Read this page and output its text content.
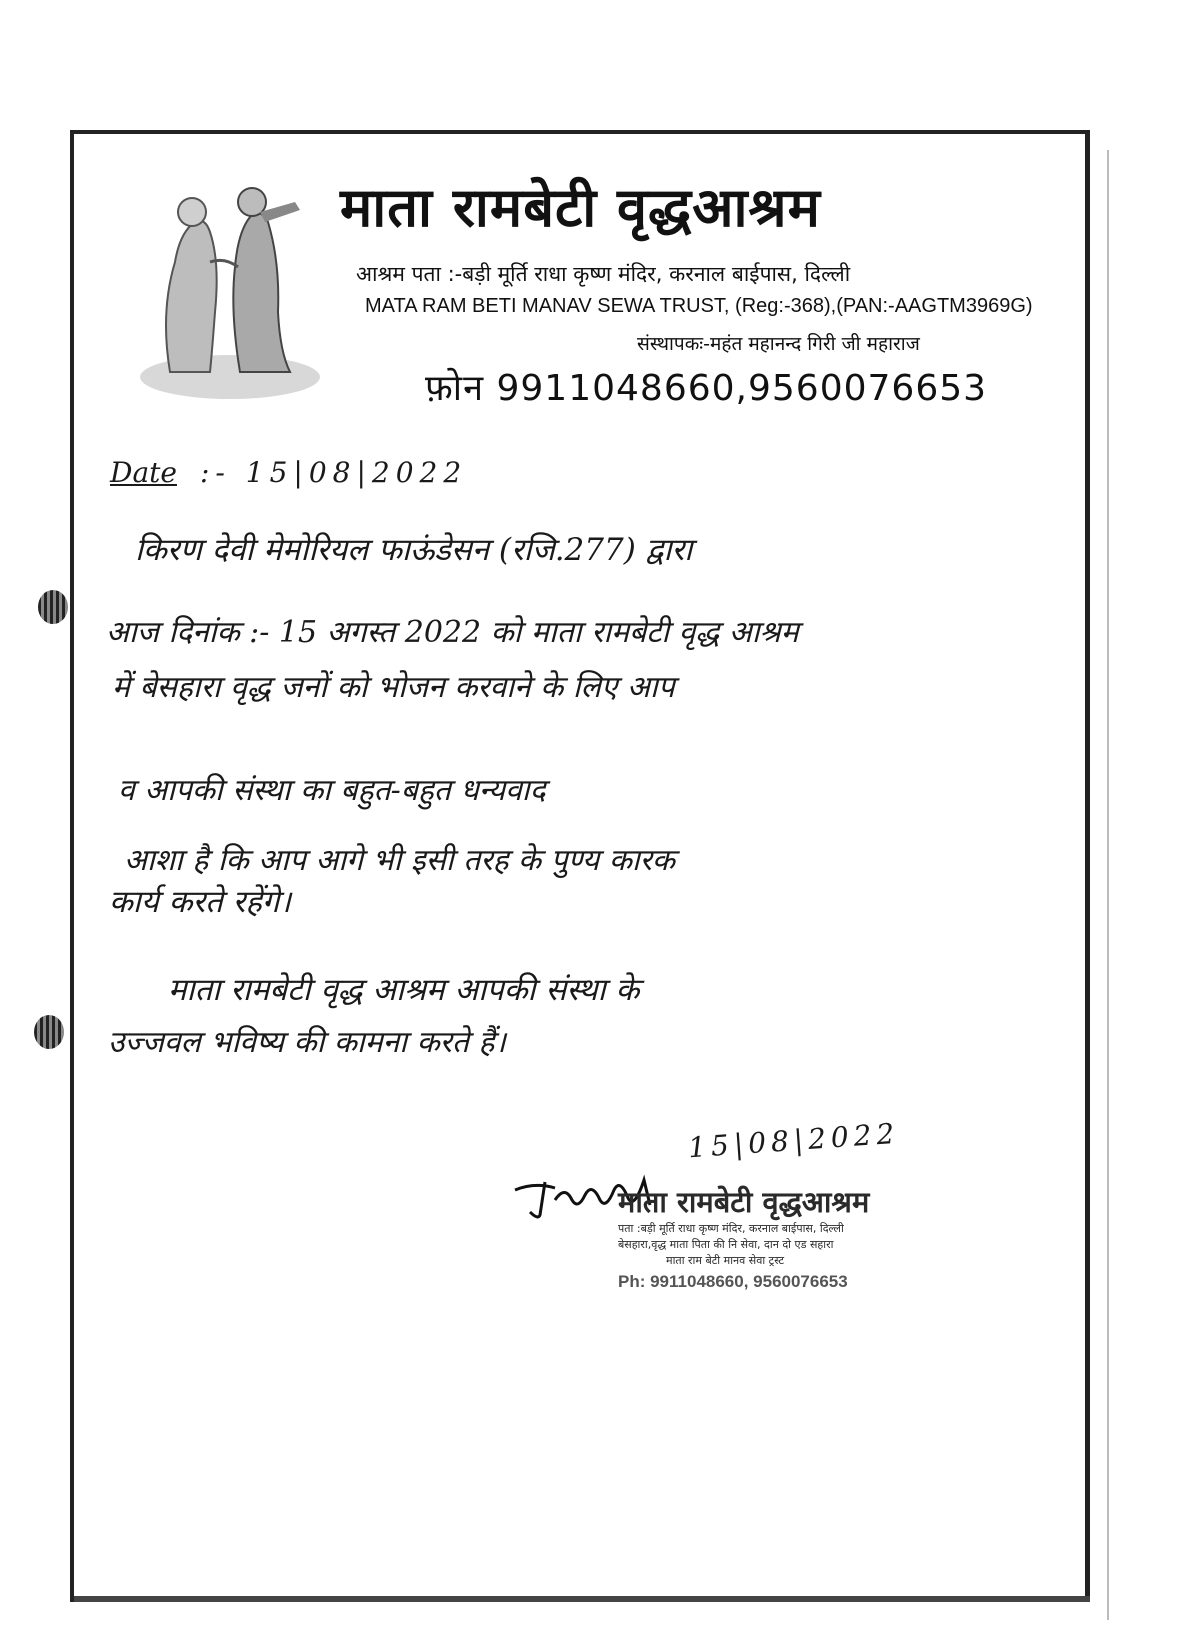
माता रामबेटी वृद्धआश्रम
आश्रम पता :-बड़ी मूर्ति राधा कृष्ण मंदिर, करनाल बाईपास, दिल्ली
MATA RAM BETI MANAV SEWA TRUST, (Reg:-368),(PAN:-AAGTM3969G)
संस्थापकः-महंत महानन्द गिरी जी महाराज
फ़ोन 9911048660,9560076653
Date :- 15|08|2022
किरण देवी मेमोरियल फाऊंडेसन (रजि.277) द्वारा
आज दिनांक :- 15 अगस्त 2022 को माता रामबेटी वृद्ध आश्रम
में बेसहारा वृद्ध जनों को भोजन करवाने के लिए आप
व आपकी संस्था का बहुत-बहुत धन्यवाद
आशा है कि आप आगे भी इसी तरह के पुण्य कारक
कार्य करते रहेंगे।
माता रामबेटी वृद्ध आश्रम आपकी संस्था के
उज्जवल भविष्य की कामना करते हैं।
15|08|2022
माता रामबेटी वृद्धआश्रम
पता :बड़ी मूर्ति राधा कृष्ण मंदिर, करनाल बाईपास, दिल्ली
बेसहारा,वृद्ध माता पिता की नि सेवा, दान दो एड सहारा
माता राम बेटी मानव सेवा ट्रस्ट
Ph: 9911048660, 9560076653
